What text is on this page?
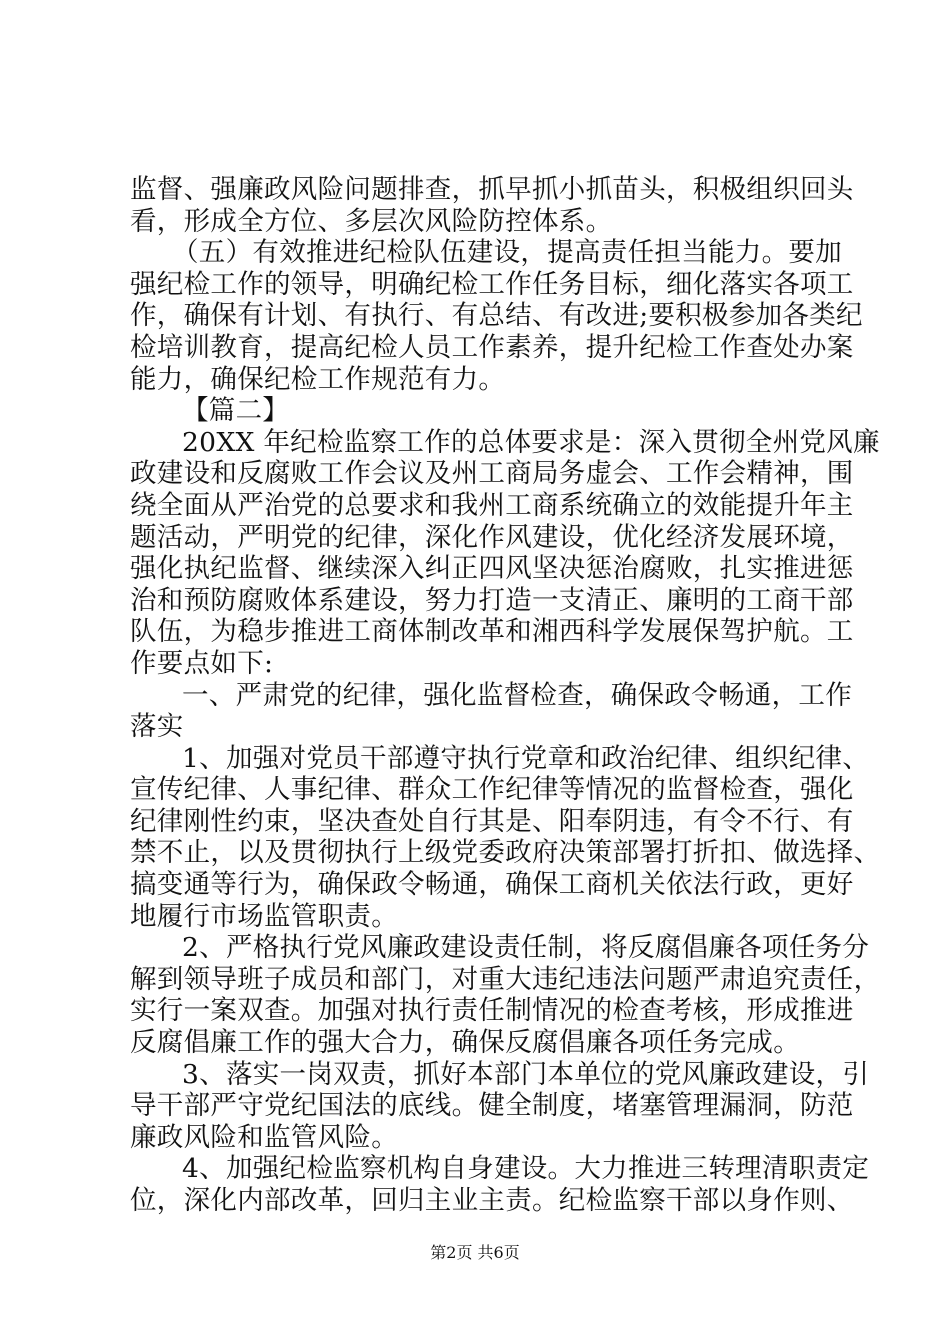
监督、强廉政风险问题排查，抓早抓小抓苗头，积极组织回头
看，形成全方位、多层次风险防控体系。
（五）有效推进纪检队伍建设，提高责任担当能力。要加
强纪检工作的领导，明确纪检工作任务目标，细化落实各项工
作，确保有计划、有执行、有总结、有改进;要积极参加各类纪
检培训教育，提高纪检人员工作素养，提升纪检工作查处办案
能力，确保纪检工作规范有力。
【篇二】
20XX 年纪检监察工作的总体要求是：深入贯彻全州党风廉
政建设和反腐败工作会议及州工商局务虚会、工作会精神，围
绕全面从严治党的总要求和我州工商系统确立的效能提升年主
题活动，严明党的纪律，深化作风建设，优化经济发展环境，
强化执纪监督、继续深入纠正四风坚决惩治腐败，扎实推进惩
治和预防腐败体系建设，努力打造一支清正、廉明的工商干部
队伍，为稳步推进工商体制改革和湘西科学发展保驾护航。工
作要点如下:
一、严肃党的纪律，强化监督检查，确保政令畅通，工作
落实
1、加强对党员干部遵守执行党章和政治纪律、组织纪律、
宣传纪律、人事纪律、群众工作纪律等情况的监督检查，强化
纪律刚性约束，坚决查处自行其是、阳奉阴违，有令不行、有
禁不止，以及贯彻执行上级党委政府决策部署打折扣、做选择、
搞变通等行为，确保政令畅通，确保工商机关依法行政，更好
地履行市场监管职责。
2、严格执行党风廉政建设责任制，将反腐倡廉各项任务分
解到领导班子成员和部门，对重大违纪违法问题严肃追究责任，
实行一案双查。加强对执行责任制情况的检查考核，形成推进
反腐倡廉工作的强大合力，确保反腐倡廉各项任务完成。
3、落实一岗双责，抓好本部门本单位的党风廉政建设，引
导干部严守党纪国法的底线。健全制度，堵塞管理漏洞，防范
廉政风险和监管风险。
4、加强纪检监察机构自身建设。大力推进三转理清职责定
位，深化内部改革，回归主业主责。纪检监察干部以身作则、
第2页 共6页
